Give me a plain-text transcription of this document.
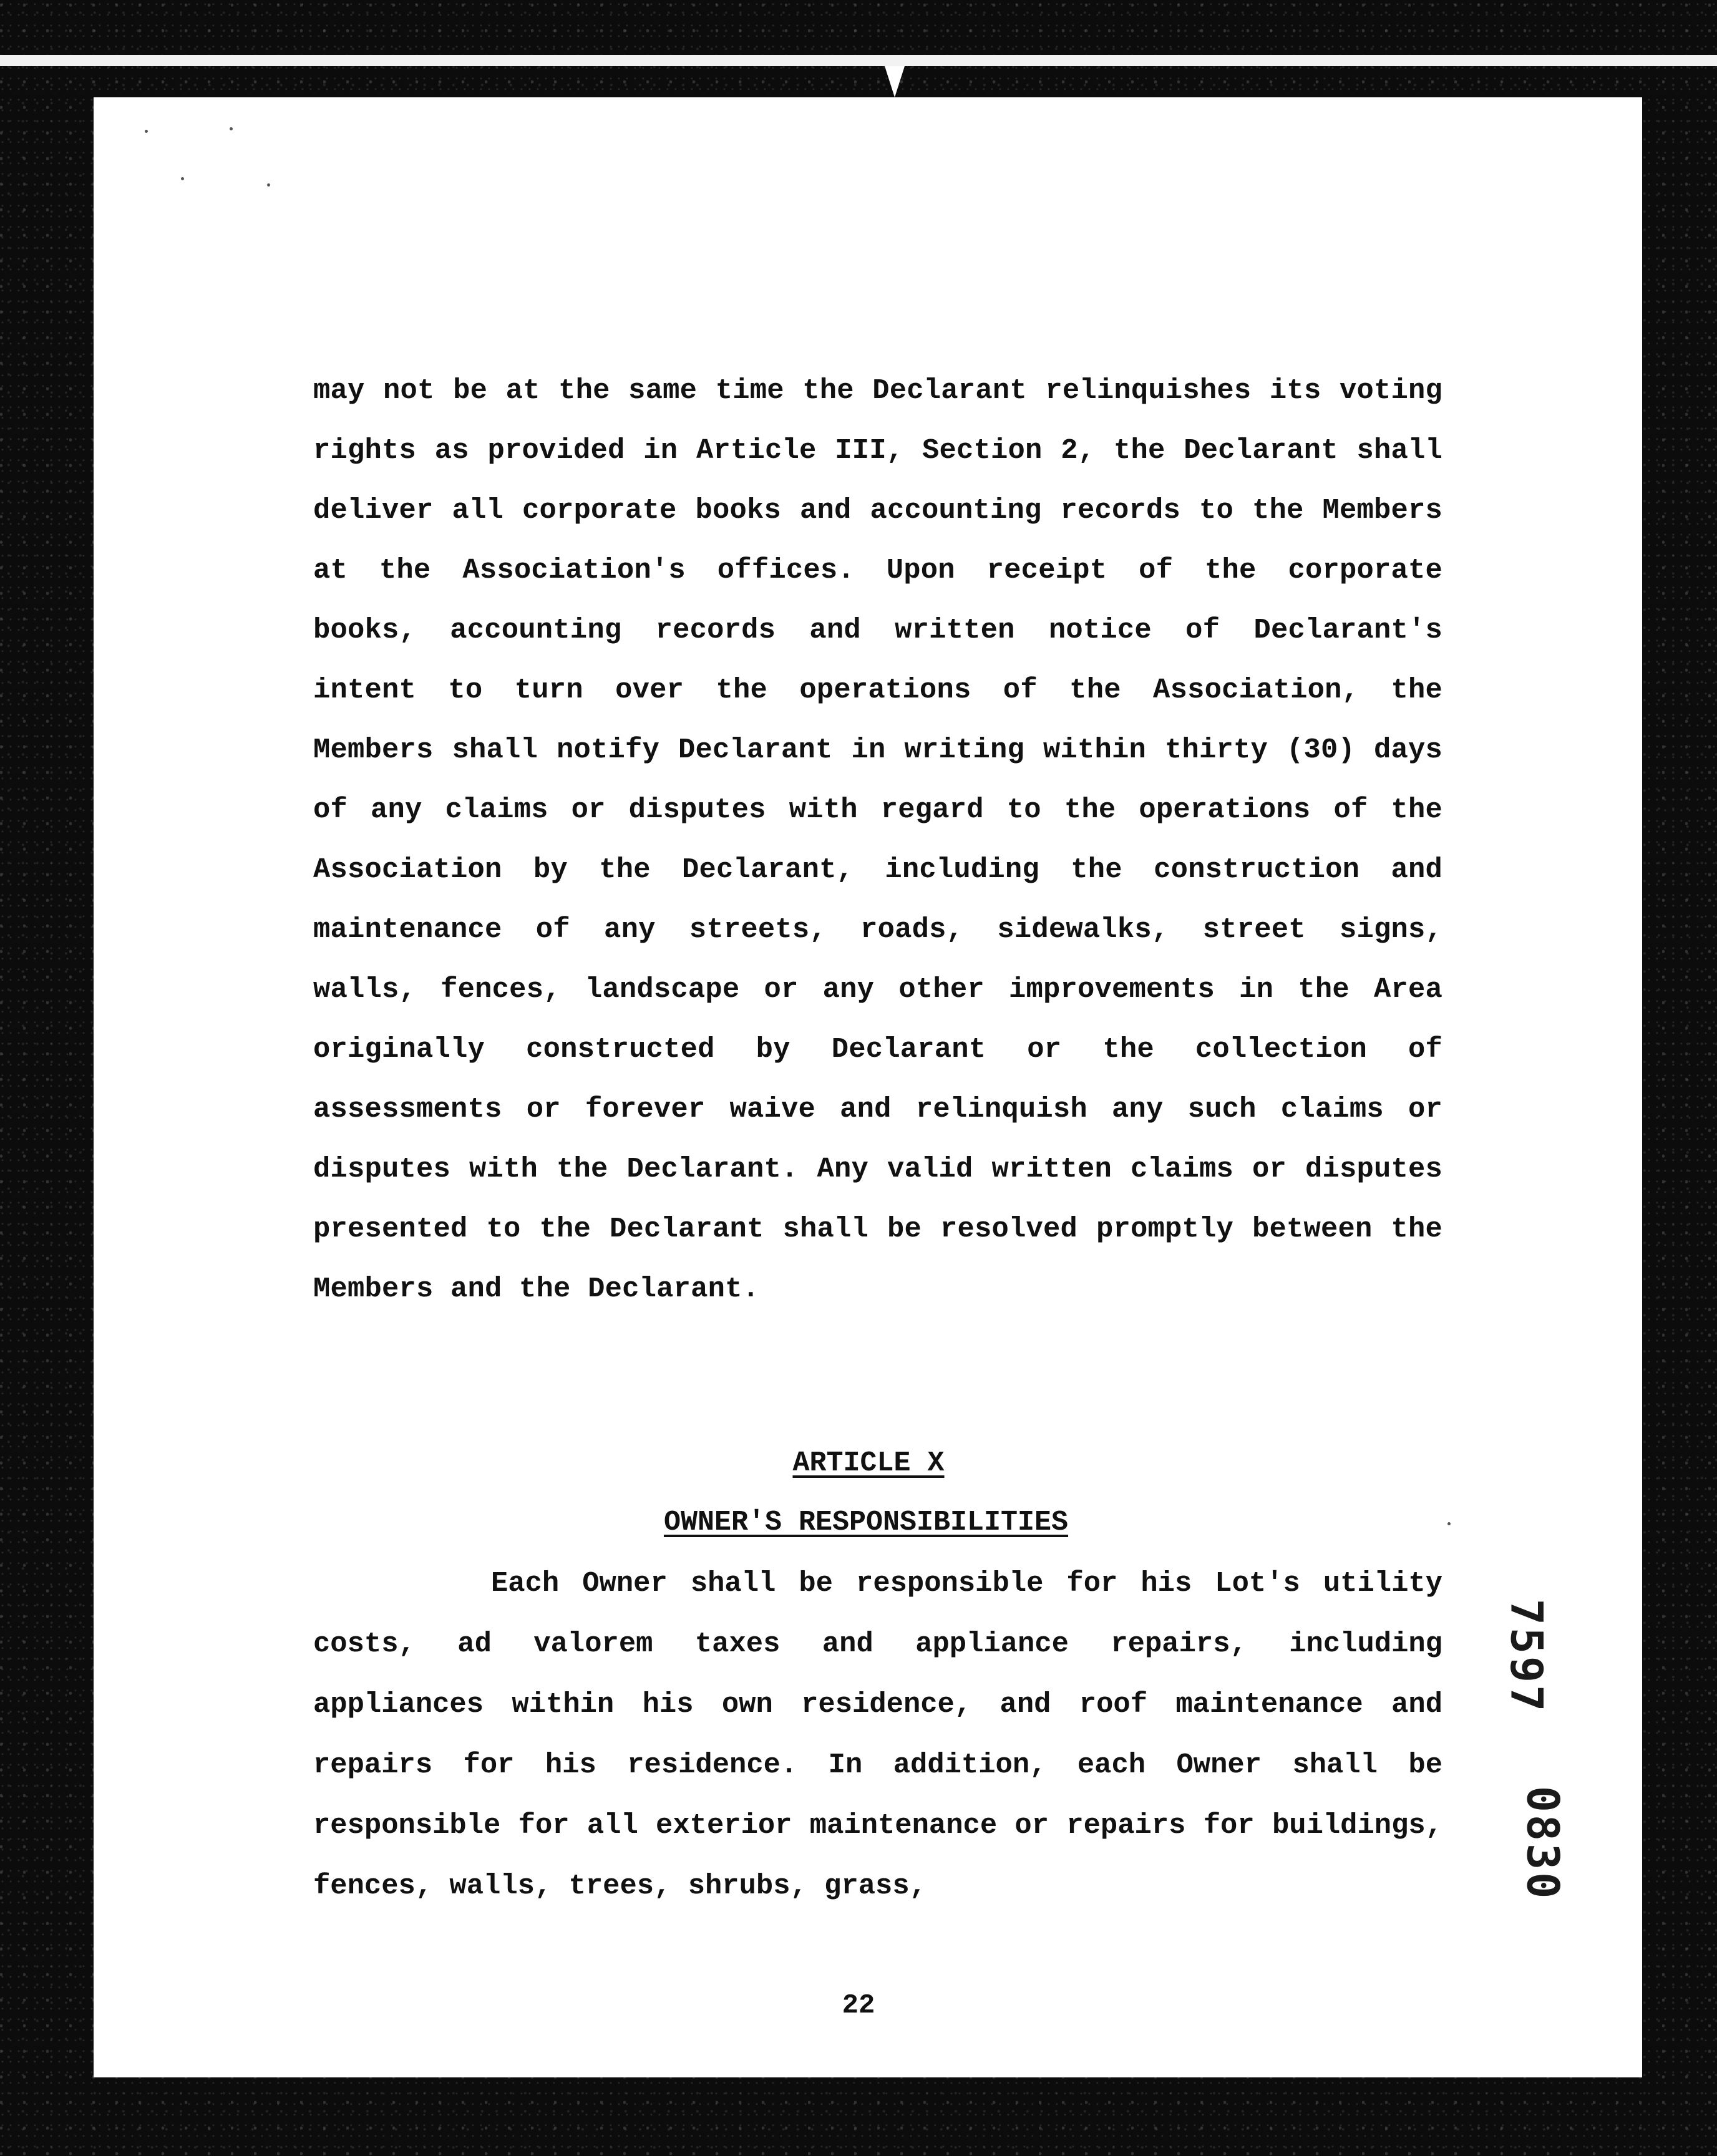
may not be at the same time the Declarant relinquishes its voting rights as provided in Article III, Section 2, the Declarant shall deliver all corporate books and accounting records to the Members at the Association's offices. Upon receipt of the corporate books, accounting records and written notice of Declarant's intent to turn over the operations of the Association, the Members shall notify Declarant in writing within thirty (30) days of any claims or disputes with regard to the operations of the Association by the Declarant, including the construction and maintenance of any streets, roads, sidewalks, street signs, walls, fences, landscape or any other improvements in the Area originally constructed by Declarant or the collection of assessments or forever waive and relinquish any such claims or disputes with the Declarant. Any valid written claims or disputes presented to the Declarant shall be resolved promptly between the Members and the Declarant.

ARTICLE X
OWNER'S RESPONSIBILITIES

Each Owner shall be responsible for his Lot's utility costs, ad valorem taxes and appliance repairs, including appliances within his own residence, and roof maintenance and repairs for his residence. In addition, each Owner shall be responsible for all exterior maintenance or repairs for buildings, fences, walls, trees, shrubs, grass,

7597
0830
22
